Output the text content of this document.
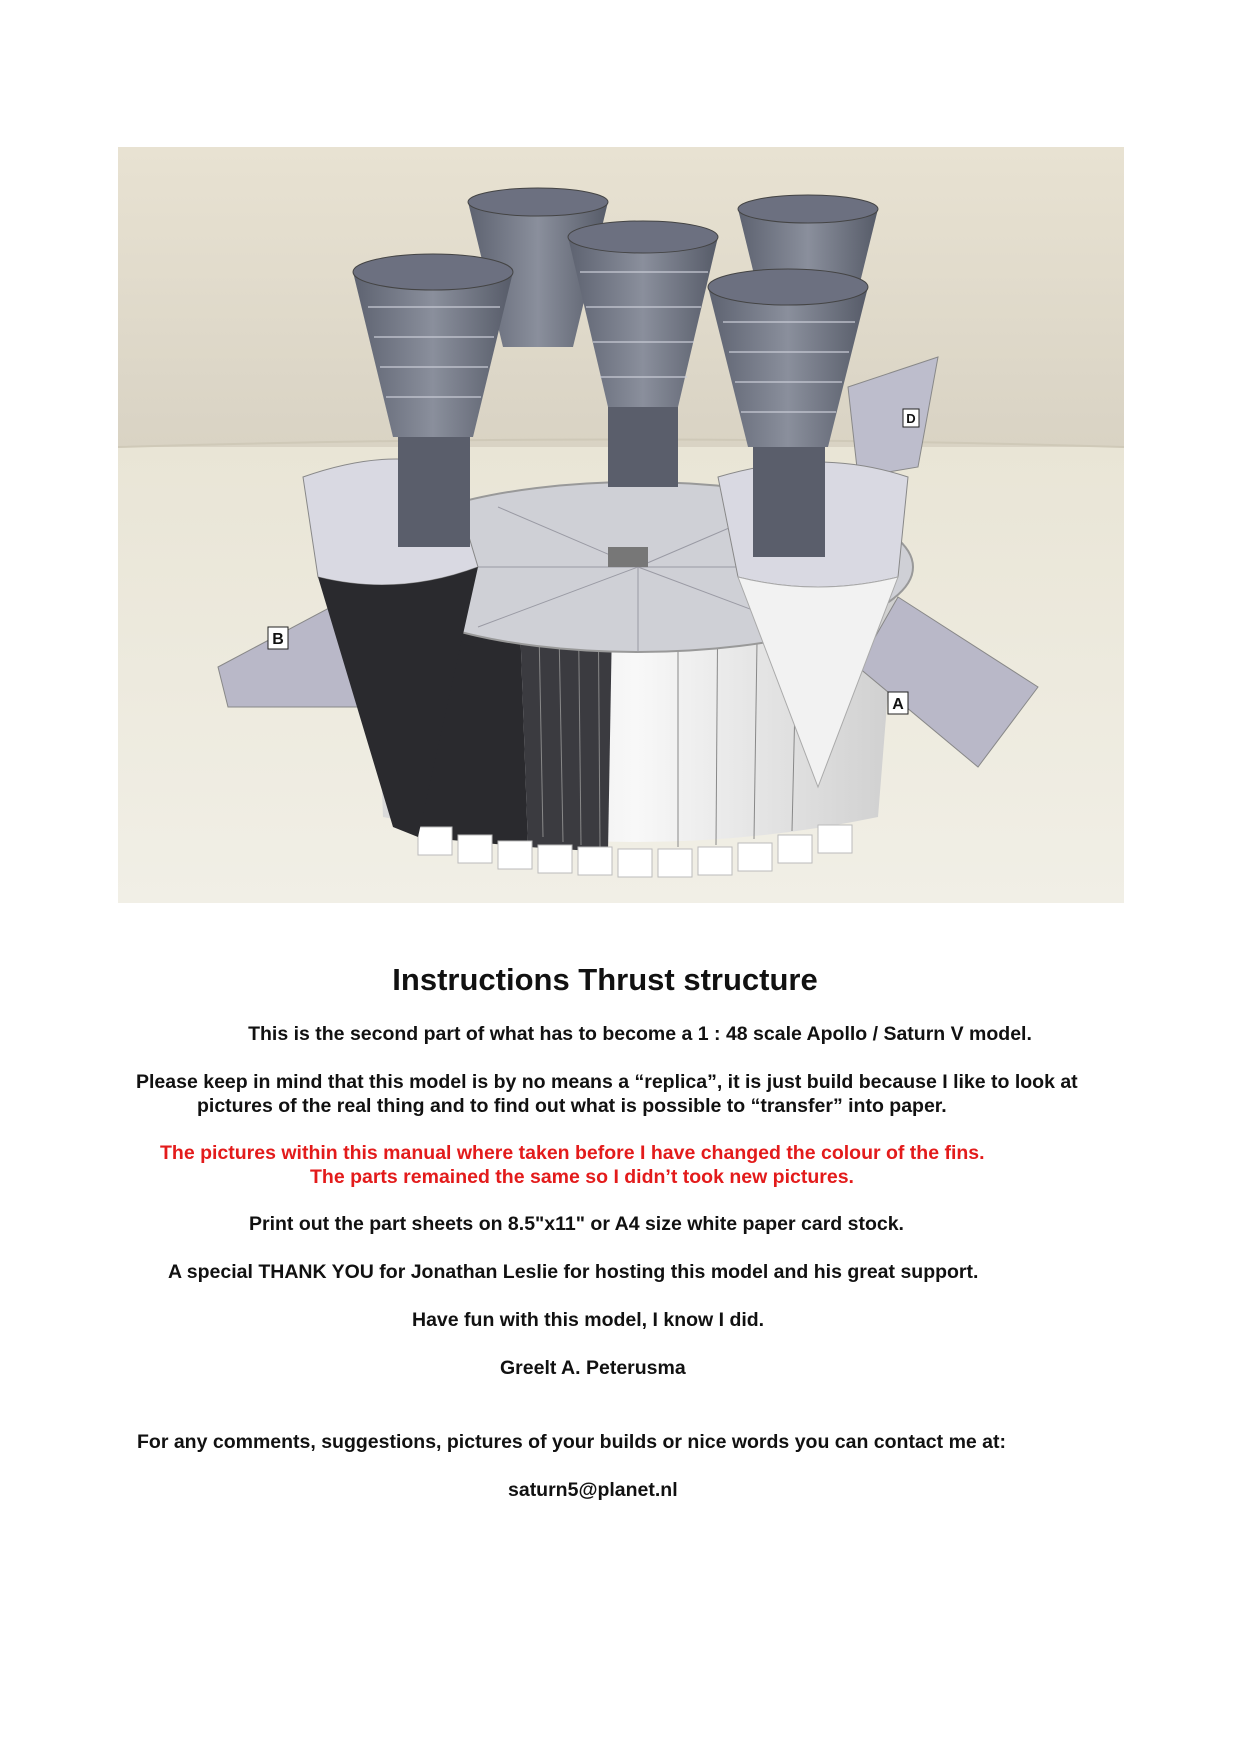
B
A
D
Instructions Thrust structure
This is the second part of what has to become a 1 : 48 scale Apollo / Saturn V model.
Please keep in mind that this model is by no means a “replica”, it is just build because I like to look at
pictures of the real thing and to find out what is possible to “transfer” into paper.
The pictures within this manual where taken before I have changed the colour of the fins.
The parts remained the same so I didn’t took new pictures.
Print out the part sheets on 8.5"x11" or A4 size white paper card stock.
A special THANK YOU for Jonathan Leslie for hosting this model and his great support.
Have fun with this model, I know I did.
Greelt A. Peterusma
For any comments, suggestions, pictures of your builds or nice words you can contact me at:
saturn5@planet.nl
